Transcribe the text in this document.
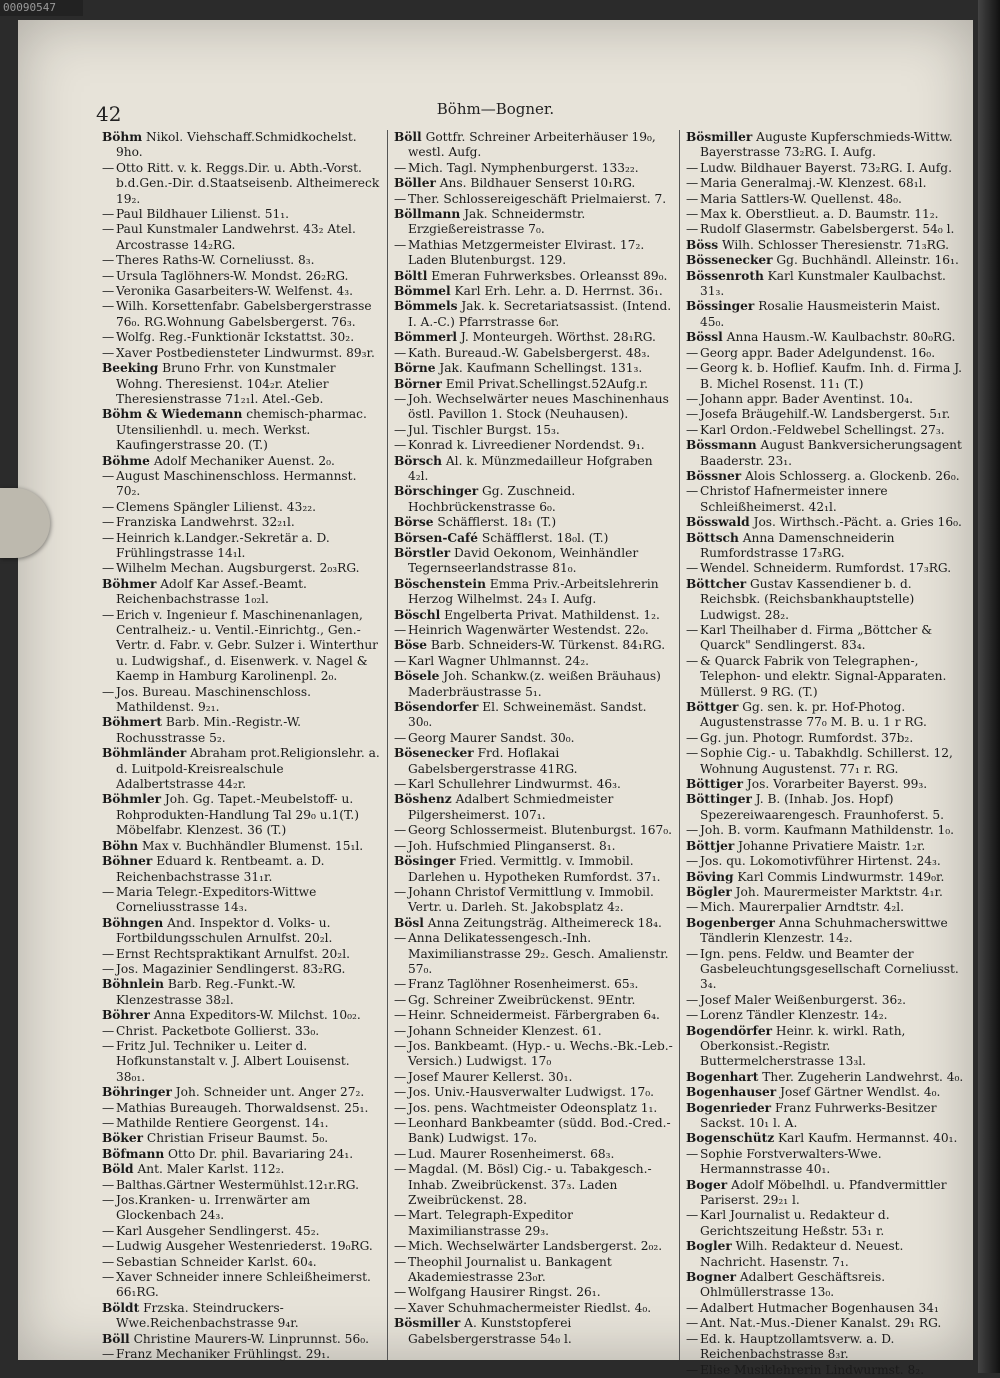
42	Böhm—Bogner.

Böhm Nikol. Viehschaff.Schmidkochelst. 9ho.

—Otto Ritt. v. k. Reggs.Dir. u. Abth.-Vorst. b.d.Gen.-Dir. d.Staatseisenb. Altheimereck 19₂.

—Paul Bildhauer Lilienst. 51₁.

—Paul Kunstmaler Landwehrst. 43₂ Atel. Arcostrasse 14₂RG.

—Theres Raths-W. Corneliusst. 8₃.

—Ursula Taglöhners-W. Mondst. 26₂RG.

—Veronika Gasarbeiters-W. Welfenst. 4₃.

—Wilh. Korsettenfabr. Gabelsbergerstrasse 76₀. RG.Wohnung Gabelsbergerst. 76₃.

—Wolfg. Reg.-Funktionär Ickstattst. 30₂.

—Xaver Postbediensteter Lindwurmst. 89₃r.

Beeking Bruno Frhr. von Kunstmaler Wohng. Theresienst. 104₂r. Atelier Theresienstrasse 71₂₁l. Atel.-Geb.

Böhm & Wiedemann chemisch-pharmac. Utensilienhdl. u. mech. Werkst. Kaufingerstrasse 20. (T.)

Böhme Adolf Mechaniker Auenst. 2₀.

—August Maschinenschloss. Hermannst. 70₂.

—Clemens Spängler Lilienst. 43₂₂.

—Franziska Landwehrst. 32₂₁l.

—Heinrich k.Landger.-Sekretär a. D. Frühlingstrasse 14₁l.

—Wilhelm Mechan. Augsburgerst. 2₀₃RG.

Böhmer Adolf Kar Assef.-Beamt. Reichenbachstrasse 1₀₂l.

—Erich v. Ingenieur f. Maschinenanlagen, Centralheiz.- u. Ventil.-Einrichtg., Gen.-Vertr. d. Fabr. v. Gebr. Sulzer i. Winterthur u. Ludwigshaf., d. Eisenwerk. v. Nagel & Kaemp in Hamburg Karolinenpl. 2₀.

—Jos. Bureau. Maschinenschloss. Mathildenst. 9₂₁.

Böhmert Barb. Min.-Registr.-W. Rochusstrasse 5₂.

Böhmländer Abraham prot.Religionslehr. a. d. Luitpold-Kreisrealschule Adalbertstrasse 44₂r.

Böhmler Joh. Gg. Tapet.-Meubelstoff- u. Rohprodukten-Handlung Tal 29₀ u.1(T.) Möbelfabr. Klenzest. 36 (T.)

Böhn Max v. Buchhändler Blumenst. 15₁l.

Böhner Eduard k. Rentbeamt. a. D. Reichenbachstrasse 31₁r.

—Maria Telegr.-Expeditors-Wittwe Corneliusstrasse 14₃.

Böhngen And. Inspektor d. Volks- u. Fortbildungsschulen Arnulfst. 20₂l.

—Ernst Rechtspraktikant Arnulfst. 20₂l.

—Jos. Magazinier Sendlingerst. 83₂RG.

Böhnlein Barb. Reg.-Funkt.-W. Klenzestrasse 38₂l.

Böhrer Anna Expeditors-W. Milchst. 10₀₂.

—Christ. Packetbote Gollierst. 33₀.

—Fritz Jul. Techniker u. Leiter d. Hofkunstanstalt v. J. Albert Louisenst. 38₀₁.

Böhringer Joh. Schneider unt. Anger 27₂.

—Mathias Bureaugeh. Thorwaldsenst. 25₁.

—Mathilde Rentiere Georgenst. 14₁.

Böker Christian Friseur Baumst. 5₀.

Böfmann Otto Dr. phil. Bavariaring 24₁.

Böld Ant. Maler Karlst. 112₂.

—Balthas.Gärtner Westermühlst.12₁r.RG.

—Jos.Kranken- u. Irrenwärter am Glockenbach 24₃.

—Karl Ausgeher Sendlingerst. 45₂.

—Ludwig Ausgeher Westenriederst. 19₀RG.

—Sebastian Schneider Karlst. 60₄.

—Xaver Schneider innere Schleißheimerst. 66₁RG.

Böldt Frzska. Steindruckers-Wwe.Reichenbachstrasse 9₄r.

Böll Christine Maurers-W. Linprunnst. 56₀.

—Franz Mechaniker Frühlingst. 29₁.

Böll Gottfr. Schreiner Arbeiterhäuser 19₀, westl. Aufg.

—Mich. Tagl. Nymphenburgerst. 133₂₂.

Böller Ans. Bildhauer Senserst 10₁RG.

—Ther. Schlossereigeschäft Prielmaierst. 7.

Böllmann Jak. Schneidermstr. Erzgießereistrasse 7₀.

—Mathias Metzgermeister Elvirast. 17₂. Laden Blutenburgst. 129.

Böltl Emeran Fuhrwerksbes. Orleansst 89₀.

Bömmel Karl Erh. Lehr. a. D. Herrnst. 36₁.

Bömmels Jak. k. Secretariatsassist. (Intend. I. A.-C.) Pfarrstrasse 6₀r.

Bömmerl J. Monteurgeh. Wörthst. 28₁RG.

—Kath. Bureaud.-W. Gabelsbergerst. 48₃.

Börne Jak. Kaufmann Schellingst. 131₃.

Börner Emil Privat.Schellingst.52Aufg.r.

—Joh. Wechselwärter neues Maschinenhaus östl. Pavillon 1. Stock (Neuhausen).

—Jul. Tischler Burgst. 15₃.

—Konrad k. Livreediener Nordendst. 9₁.

Börsch Al. k. Münzmedailleur Hofgraben 4₂l.

Börschinger Gg. Zuschneid. Hochbrückenstrasse 6₀.

Börse Schäfflerst. 18₁ (T.)

Börsen-Café Schäfflerst. 18₀l. (T.)

Börstler David Oekonom, Weinhändler Tegernseerlandstrasse 81₀.

Böschenstein Emma Priv.-Arbeitslehrerin Herzog Wilhelmst. 24₃ I. Aufg.

Böschl Engelberta Privat. Mathildenst. 1₂.

—Heinrich Wagenwärter Westendst. 22₀.

Böse Barb. Schneiders-W. Türkenst. 84₁RG.

—Karl Wagner Uhlmannst. 24₂.

Bösele Joh. Schankw.(z. weißen Bräuhaus) Maderbräustrasse 5₁.

Bösendorfer El. Schweinemäst. Sandst. 30₀.

—Georg Maurer Sandst. 30₀.

Bösenecker Frd. Hoflakai Gabelsbergerstrasse 41RG.

—Karl Schullehrer Lindwurmst. 46₃.

Böshenz Adalbert Schmiedmeister Pilgersheimerst. 107₁.

—Georg Schlossermeist. Blutenburgst. 167₀.

—Joh. Hufschmied Plinganserst. 8₁.

Bösinger Fried. Vermittlg. v. Immobil. Darlehen u. Hypotheken Rumfordst. 37₁.

—Johann Christof Vermittlung v. Immobil. Vertr. u. Darleh. St. Jakobsplatz 4₂.

Bösl Anna Zeitungsträg. Altheimereck 18₄.

—Anna Delikatessengesch.-Inh. Maximilianstrasse 29₂. Gesch. Amalienstr. 57₀.

—Franz Taglöhner Rosenheimerst. 65₃.

—Gg. Schreiner Zweibrückenst. 9Entr.

—Heinr. Schneidermeist. Färbergraben 6₄.

—Johann Schneider Klenzest. 61.

—Jos. Bankbeamt. (Hyp.- u. Wechs.-Bk.-Leb.-Versich.) Ludwigst. 17₀

—Josef Maurer Kellerst. 30₁.

—Jos. Univ.-Hausverwalter Ludwigst. 17₀.

—Jos. pens. Wachtmeister Odeonsplatz 1₁.

—Leonhard Bankbeamter (südd. Bod.-Cred.-Bank) Ludwigst. 17₀.

—Lud. Maurer Rosenheimerst. 68₃.

—Magdal. (M. Bösl) Cig.- u. Tabakgesch.- Inhab. Zweibrückenst. 37₃. Laden Zweibrückenst. 28.

—Mart. Telegraph-Expeditor Maximilianstrasse 29₃.

—Mich. Wechselwärter Landsbergerst. 2₀₂.

—Theophil Journalist u. Bankagent Akademiestrasse 23₀r.

—Wolfgang Hausirer Ringst. 26₁.

—Xaver Schuhmachermeister Riedlst. 4₀.

Bösmiller A. Kunststopferei Gabelsbergerstrasse 54₀ l.

Bösmiller Auguste Kupferschmieds-Wittw. Bayerstrasse 73₂RG. I. Aufg.

—Ludw. Bildhauer Bayerst. 73₂RG. I. Aufg.

—Maria Generalmaj.-W. Klenzest. 68₁l.

—Maria Sattlers-W. Quellenst. 48₀.

—Max k. Oberstlieut. a. D. Baumstr. 11₂.

—Rudolf Glasermstr. Gabelsbergerst. 54₀ l.

Böss Wilh. Schlosser Theresienstr. 71₃RG.

Bössenecker Gg. Buchhändl. Alleinstr. 16₁.

Bössenroth Karl Kunstmaler Kaulbachst. 31₃.

Bössinger Rosalie Hausmeisterin Maist. 45₀.

Bössl Anna Hausm.-W. Kaulbachstr. 80₀RG.

—Georg appr. Bader Adelgundenst. 16₀.

—Georg k. b. Hoflief. Kaufm. Inh. d. Firma J. B. Michel Rosenst. 11₁ (T.)

—Johann appr. Bader Aventinst. 10₄.

—Josefa Bräugehilf.-W. Landsbergerst. 5₁r.

—Karl Ordon.-Feldwebel Schellingst. 27₃.

Bössmann August Bankversicherungsagent Baaderstr. 23₁.

Bössner Alois Schlosserg. a. Glockenb. 26₀.

—Christof Hafnermeister innere Schleißheimerst. 42₁l.

Bösswald Jos. Wirthsch.-Pächt. a. Gries 16₀.

Böttsch Anna Damenschneiderin Rumfordstrasse 17₃RG.

—Wendel. Schneiderm. Rumfordst. 17₃RG.

Böttcher Gustav Kassendiener b. d. Reichsbk. (Reichsbankhauptstelle) Ludwigst. 28₂.

—Karl Theilhaber d. Firma „Böttcher & Quarck" Sendlingerst. 83₄.

—& Quarck Fabrik von Telegraphen-, Telephon- und elektr. Signal-Apparaten. Müllerst. 9 RG. (T.)

Böttger Gg. sen. k. pr. Hof-Photog. Augustenstrasse 77₀ M. B. u. 1 r RG.

—Gg. jun. Photogr. Rumfordst. 37b₂.

—Sophie Cig.- u. Tabakhdlg. Schillerst. 12, Wohnung Augustenst. 77₁ r. RG.

Böttiger Jos. Vorarbeiter Bayerst. 99₃.

Böttinger J. B. (Inhab. Jos. Hopf) Spezereiwaarengesch. Fraunhoferst. 5.

—Joh. B. vorm. Kaufmann Mathildenstr. 1₀.

Böttjer Johanne Privatiere Maistr. 1₂r.

—Jos. qu. Lokomotivführer Hirtenst. 24₃.

Böving Karl Commis Lindwurmstr. 149₀r.

Bögler Joh. Maurermeister Marktstr. 4₁r.

—Mich. Maurerpalier Arndtstr. 4₂l.

Bogenberger Anna Schuhmacherswittwe Tändlerin Klenzestr. 14₂.

—Ign. pens. Feldw. und Beamter der Gasbeleuchtungsgesellschaft Corneliusst. 3₄.

—Josef Maler Weißenburgerst. 36₂.

—Lorenz Tändler Klenzestr. 14₂.

Bogendörfer Heinr. k. wirkl. Rath, Oberkonsist.-Registr. Buttermelcherstrasse 13₃l.

Bogenhart Ther. Zugeherin Landwehrst. 4₀.

Bogenhauser Josef Gärtner Wendlst. 4₀.

Bogenrieder Franz Fuhrwerks-Besitzer Sackst. 10₁ l. A.

Bogenschütz Karl Kaufm. Hermannst. 40₁.

—Sophie Forstverwalters-Wwe. Hermannstrasse 40₁.

Boger Adolf Möbelhdl. u. Pfandvermittler Pariserst. 29₂₁ l.

—Karl Journalist u. Redakteur d. Gerichtszeitung Heßstr. 53₁ r.

Bogler Wilh. Redakteur d. Neuest. Nachricht. Hasenstr. 7₁.

Bogner Adalbert Geschäftsreis. Ohlmüllerstrasse 13₀.

—Adalbert Hutmacher Bogenhausen 34₁

—Ant. Nat.-Mus.-Diener Kanalst. 29₁ RG.

—Ed. k. Hauptzollamtsverw. a. D. Reichenbachstrasse 8₃r.

—Elise Musiklehrerin Lindwurmst. 8₂.

00090547
